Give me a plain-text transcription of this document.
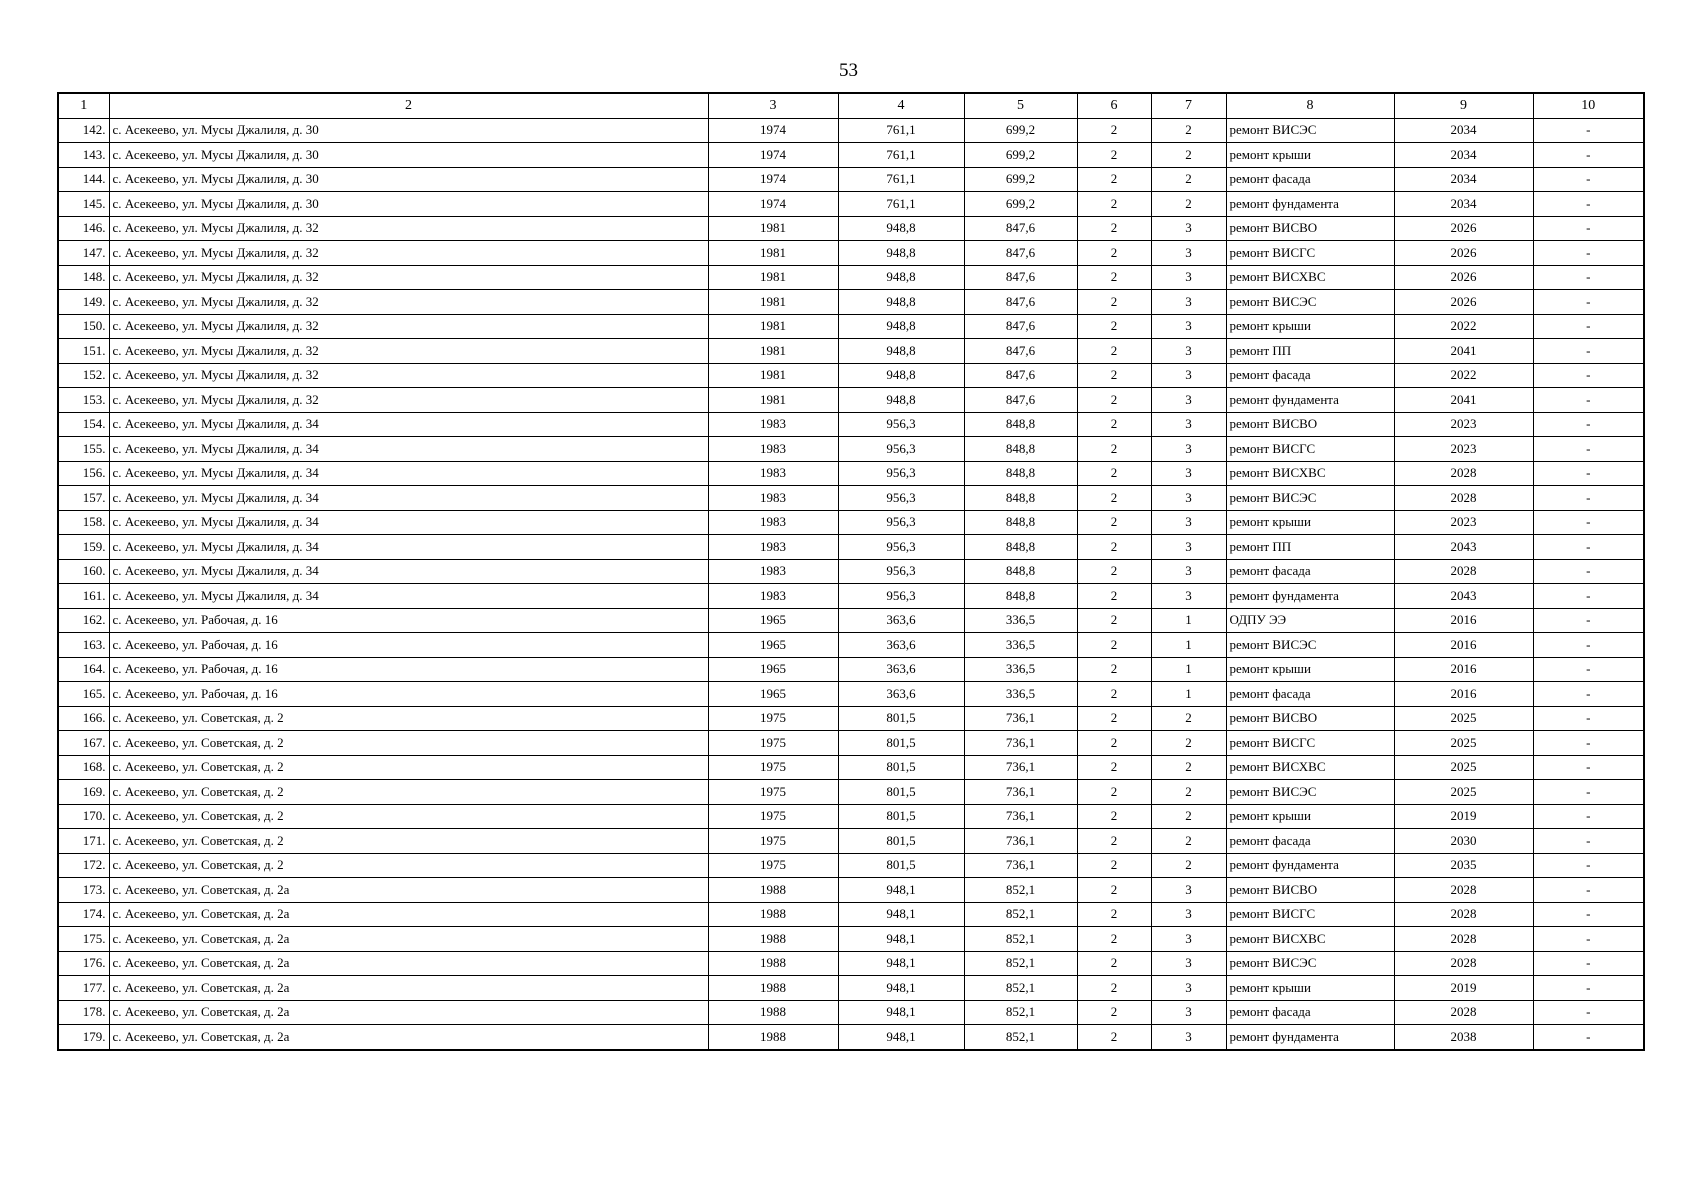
53
1	2	3	4	5	6	7	8	9	10
142.	с. Асекеево, ул. Мусы Джалиля, д. 30	1974	761,1	699,2	2	2	ремонт ВИСЭС	2034	-
143.	с. Асекеево, ул. Мусы Джалиля, д. 30	1974	761,1	699,2	2	2	ремонт крыши	2034	-
144.	с. Асекеево, ул. Мусы Джалиля, д. 30	1974	761,1	699,2	2	2	ремонт фасада	2034	-
145.	с. Асекеево, ул. Мусы Джалиля, д. 30	1974	761,1	699,2	2	2	ремонт фундамента	2034	-
146.	с. Асекеево, ул. Мусы Джалиля, д. 32	1981	948,8	847,6	2	3	ремонт ВИСВО	2026	-
147.	с. Асекеево, ул. Мусы Джалиля, д. 32	1981	948,8	847,6	2	3	ремонт ВИСГС	2026	-
148.	с. Асекеево, ул. Мусы Джалиля, д. 32	1981	948,8	847,6	2	3	ремонт ВИСХВС	2026	-
149.	с. Асекеево, ул. Мусы Джалиля, д. 32	1981	948,8	847,6	2	3	ремонт ВИСЭС	2026	-
150.	с. Асекеево, ул. Мусы Джалиля, д. 32	1981	948,8	847,6	2	3	ремонт крыши	2022	-
151.	с. Асекеево, ул. Мусы Джалиля, д. 32	1981	948,8	847,6	2	3	ремонт ПП	2041	-
152.	с. Асекеево, ул. Мусы Джалиля, д. 32	1981	948,8	847,6	2	3	ремонт фасада	2022	-
153.	с. Асекеево, ул. Мусы Джалиля, д. 32	1981	948,8	847,6	2	3	ремонт фундамента	2041	-
154.	с. Асекеево, ул. Мусы Джалиля, д. 34	1983	956,3	848,8	2	3	ремонт ВИСВО	2023	-
155.	с. Асекеево, ул. Мусы Джалиля, д. 34	1983	956,3	848,8	2	3	ремонт ВИСГС	2023	-
156.	с. Асекеево, ул. Мусы Джалиля, д. 34	1983	956,3	848,8	2	3	ремонт ВИСХВС	2028	-
157.	с. Асекеево, ул. Мусы Джалиля, д. 34	1983	956,3	848,8	2	3	ремонт ВИСЭС	2028	-
158.	с. Асекеево, ул. Мусы Джалиля, д. 34	1983	956,3	848,8	2	3	ремонт крыши	2023	-
159.	с. Асекеево, ул. Мусы Джалиля, д. 34	1983	956,3	848,8	2	3	ремонт ПП	2043	-
160.	с. Асекеево, ул. Мусы Джалиля, д. 34	1983	956,3	848,8	2	3	ремонт фасада	2028	-
161.	с. Асекеево, ул. Мусы Джалиля, д. 34	1983	956,3	848,8	2	3	ремонт фундамента	2043	-
162.	с. Асекеево, ул. Рабочая, д. 16	1965	363,6	336,5	2	1	ОДПУ ЭЭ	2016	-
163.	с. Асекеево, ул. Рабочая, д. 16	1965	363,6	336,5	2	1	ремонт ВИСЭС	2016	-
164.	с. Асекеево, ул. Рабочая, д. 16	1965	363,6	336,5	2	1	ремонт крыши	2016	-
165.	с. Асекеево, ул. Рабочая, д. 16	1965	363,6	336,5	2	1	ремонт фасада	2016	-
166.	с. Асекеево, ул. Советская, д. 2	1975	801,5	736,1	2	2	ремонт ВИСВО	2025	-
167.	с. Асекеево, ул. Советская, д. 2	1975	801,5	736,1	2	2	ремонт ВИСГС	2025	-
168.	с. Асекеево, ул. Советская, д. 2	1975	801,5	736,1	2	2	ремонт ВИСХВС	2025	-
169.	с. Асекеево, ул. Советская, д. 2	1975	801,5	736,1	2	2	ремонт ВИСЭС	2025	-
170.	с. Асекеево, ул. Советская, д. 2	1975	801,5	736,1	2	2	ремонт крыши	2019	-
171.	с. Асекеево, ул. Советская, д. 2	1975	801,5	736,1	2	2	ремонт фасада	2030	-
172.	с. Асекеево, ул. Советская, д. 2	1975	801,5	736,1	2	2	ремонт фундамента	2035	-
173.	с. Асекеево, ул. Советская, д. 2а	1988	948,1	852,1	2	3	ремонт ВИСВО	2028	-
174.	с. Асекеево, ул. Советская, д. 2а	1988	948,1	852,1	2	3	ремонт ВИСГС	2028	-
175.	с. Асекеево, ул. Советская, д. 2а	1988	948,1	852,1	2	3	ремонт ВИСХВС	2028	-
176.	с. Асекеево, ул. Советская, д. 2а	1988	948,1	852,1	2	3	ремонт ВИСЭС	2028	-
177.	с. Асекеево, ул. Советская, д. 2а	1988	948,1	852,1	2	3	ремонт крыши	2019	-
178.	с. Асекеево, ул. Советская, д. 2а	1988	948,1	852,1	2	3	ремонт фасада	2028	-
179.	с. Асекеево, ул. Советская, д. 2а	1988	948,1	852,1	2	3	ремонт фундамента	2038	-
